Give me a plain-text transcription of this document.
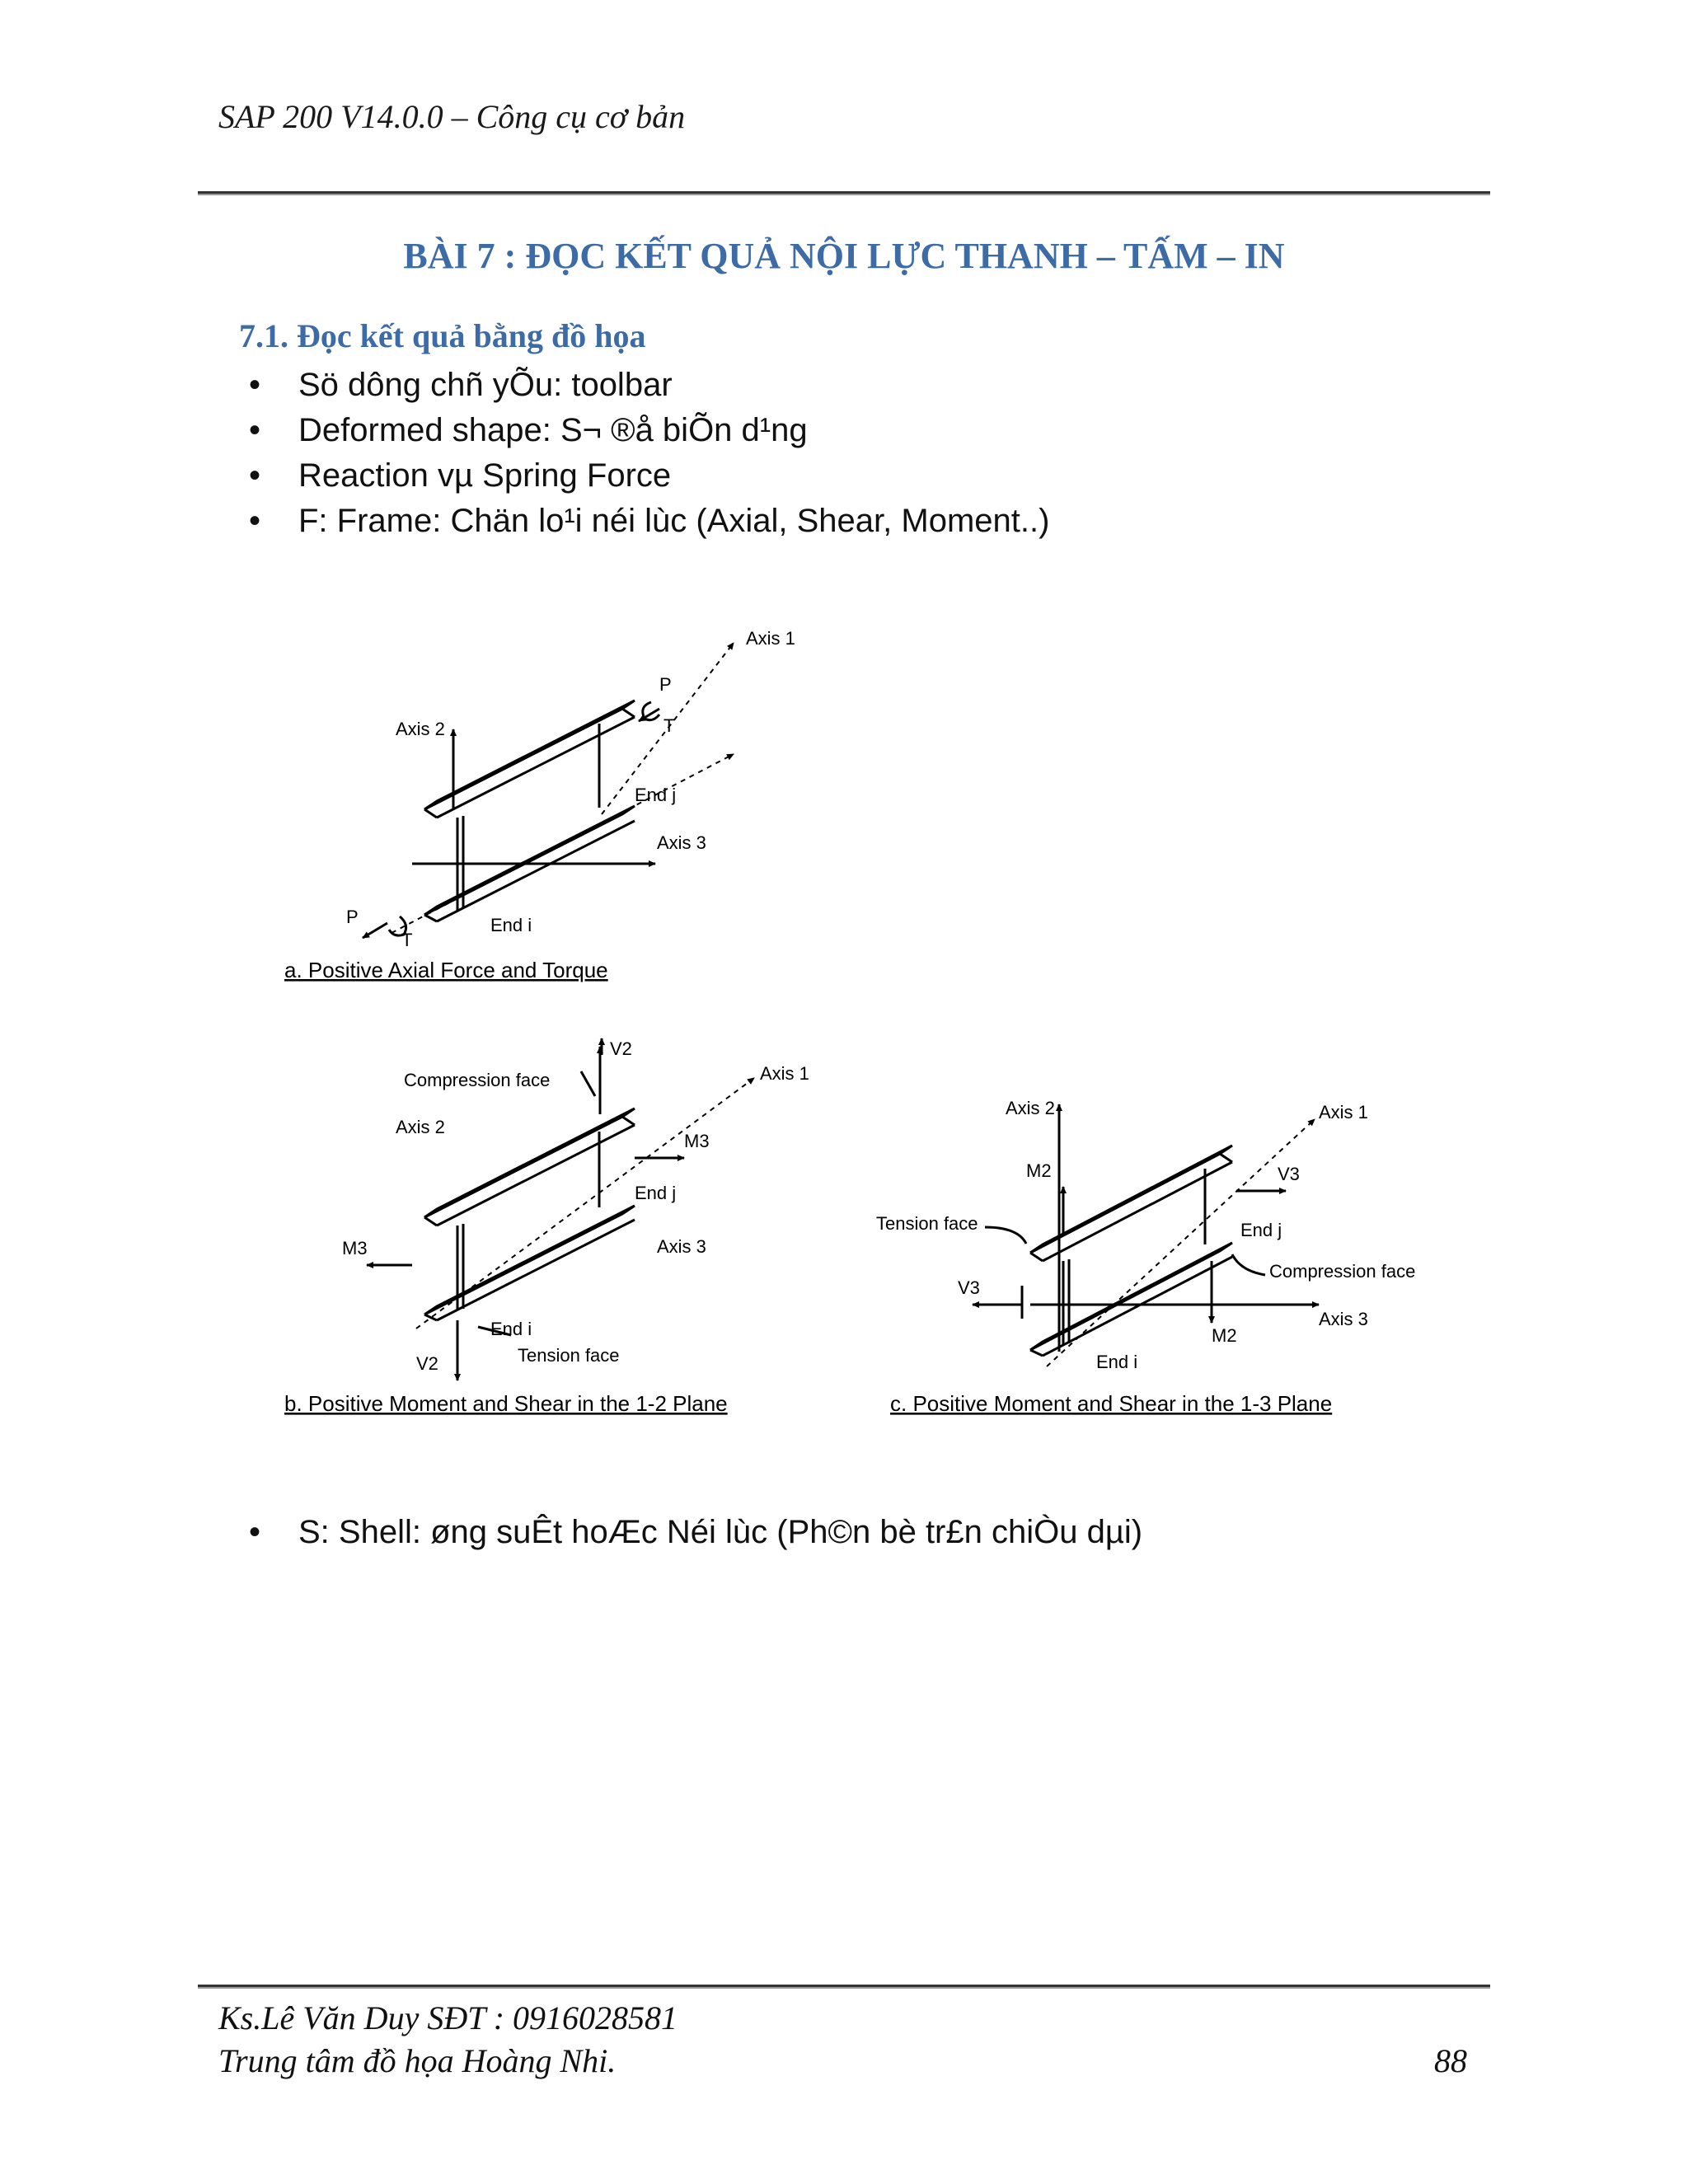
SAP 200 V14.0.0 – Công cụ cơ bản
BÀI 7 : ĐỌC KẾT QUẢ NỘI LỰC THANH – TẤM – IN
7.1. Đọc kết quả bằng đồ họa
• Sö dông chñ yÕu: toolbar
• Deformed shape: S¬ ®å biÕn d¹ng
• Reaction vµ Spring Force
• F: Frame: Chän lo¹i néi lùc (Axial, Shear, Moment..)
Axis 1
Axis 2
P
T
End j
Axis 3
P
T
End i
a. Positive Axial Force and Torque
V2
Compression face	Axis 1
Axis 2
M3
End j
M3	Axis 3
End i
Tension face
V2
b. Positive Moment and Shear in the 1-2 Plane
Axis 2	Axis 1
M2	V3
Tension face	End j
Compression face
V3
Axis 3
M2
End i
c. Positive Moment and Shear in the 1-3 Plane
• S: Shell: øng suÊt hoÆc Néi lùc (Ph©n bè tr£n chiÒu dµi)
Ks.Lê Văn Duy SĐT : 0916028581
Trung tâm đồ họa Hoàng Nhi.	88
